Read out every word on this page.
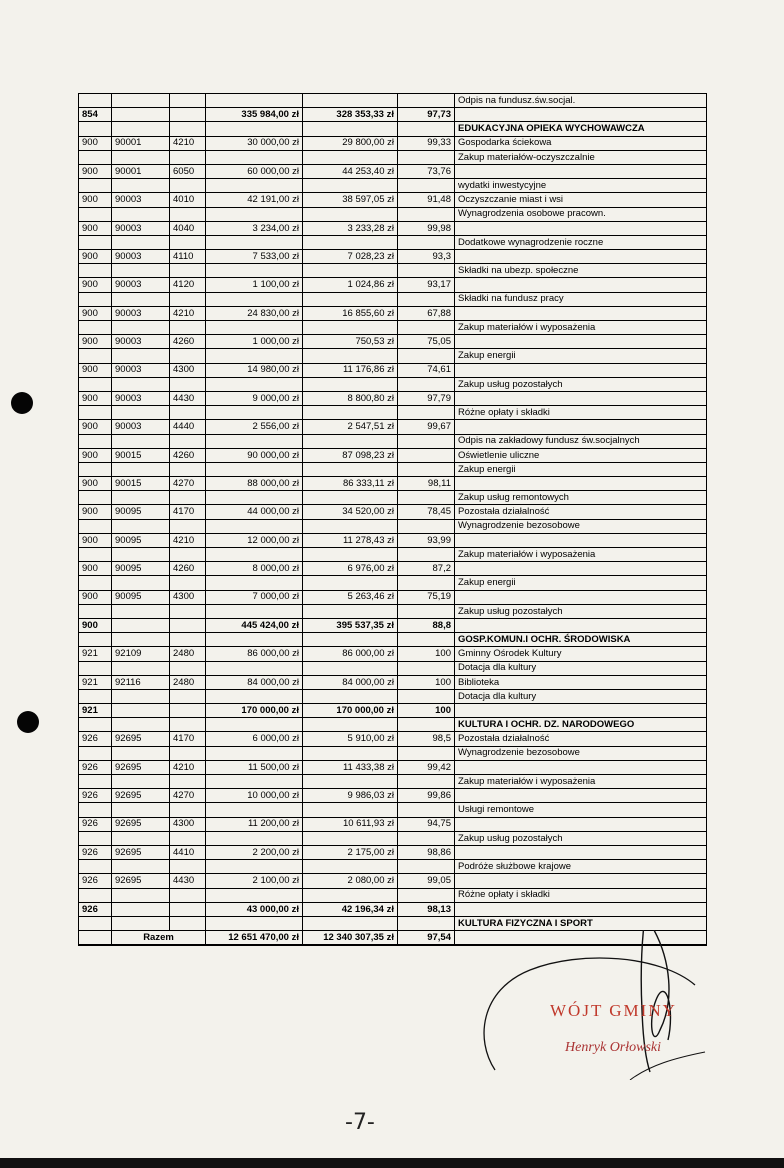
						Odpis na fundusz.św.socjal.
854			335 984,00 zł	328 353,33 zł	97,73	
						EDUKACYJNA OPIEKA WYCHOWAWCZA
900	90001	4210	30 000,00 zł	29 800,00 zł	99,33	Gospodarka ściekowa
						Zakup materiałów-oczyszczalnie
900	90001	6050	60 000,00 zł	44 253,40 zł	73,76	
						wydatki inwestycyjne
900	90003	4010	42 191,00 zł	38 597,05 zł	91,48	Oczyszczanie miast i wsi
						Wynagrodzenia osobowe pracown.
900	90003	4040	3 234,00 zł	3 233,28 zł	99,98	
						Dodatkowe wynagrodzenie roczne
900	90003	4110	7 533,00 zł	7 028,23 zł	93,3	
						Składki na ubezp. społeczne
900	90003	4120	1 100,00 zł	1 024,86 zł	93,17	
						Składki na fundusz pracy
900	90003	4210	24 830,00 zł	16 855,60 zł	67,88	
						Zakup materiałów i wyposażenia
900	90003	4260	1 000,00 zł	750,53 zł	75,05	
						Zakup energii
900	90003	4300	14 980,00 zł	11 176,86 zł	74,61	
						Zakup usług pozostałych
900	90003	4430	9 000,00 zł	8 800,80 zł	97,79	
						Różne opłaty i składki
900	90003	4440	2 556,00 zł	2 547,51 zł	99,67	
						Odpis na zakładowy fundusz św.socjalnych
900	90015	4260	90 000,00 zł	87 098,23 zł		Oświetlenie uliczne
						Zakup energii
900	90015	4270	88 000,00 zł	86 333,11 zł	98,11	
						Zakup usług remontowych
900	90095	4170	44 000,00 zł	34 520,00 zł	78,45	Pozostała działalność
						Wynagrodzenie bezosobowe
900	90095	4210	12 000,00 zł	11 278,43 zł	93,99	
						Zakup materiałów i wyposażenia
900	90095	4260	8 000,00 zł	6 976,00 zł	87,2	
						Zakup energii
900	90095	4300	7 000,00 zł	5 263,46 zł	75,19	
						Zakup usług pozostałych
900			445 424,00 zł	395 537,35 zł	88,8	
						GOSP.KOMUN.I OCHR. ŚRODOWISKA
921	92109	2480	86 000,00 zł	86 000,00 zł	100	Gminny Ośrodek Kultury
						Dotacja dla kultury
921	92116	2480	84 000,00 zł	84 000,00 zł	100	Biblioteka
						Dotacja dla kultury
921			170 000,00 zł	170 000,00 zł	100	
						KULTURA I OCHR. DZ. NARODOWEGO
926	92695	4170	6 000,00 zł	5 910,00 zł	98,5	Pozostała działalność
						Wynagrodzenie bezosobowe
926	92695	4210	11 500,00 zł	11 433,38 zł	99,42	
						Zakup materiałów i wyposażenia
926	92695	4270	10 000,00 zł	9 986,03 zł	99,86	
						Usługi remontowe
926	92695	4300	11 200,00 zł	10 611,93 zł	94,75	
						Zakup usług pozostałych
926	92695	4410	2 200,00 zł	2 175,00 zł	98,86	
						Podróże służbowe krajowe
926	92695	4430	2 100,00 zł	2 080,00 zł	99,05	
						Różne opłaty i składki
926			43 000,00 zł	42 196,34 zł	98,13	
						KULTURA FIZYCZNA I SPORT
	Razem		12 651 470,00 zł	12 340 307,35 zł	97,54	
WÓJT GMINY
Henryk Orłowski
-7-
